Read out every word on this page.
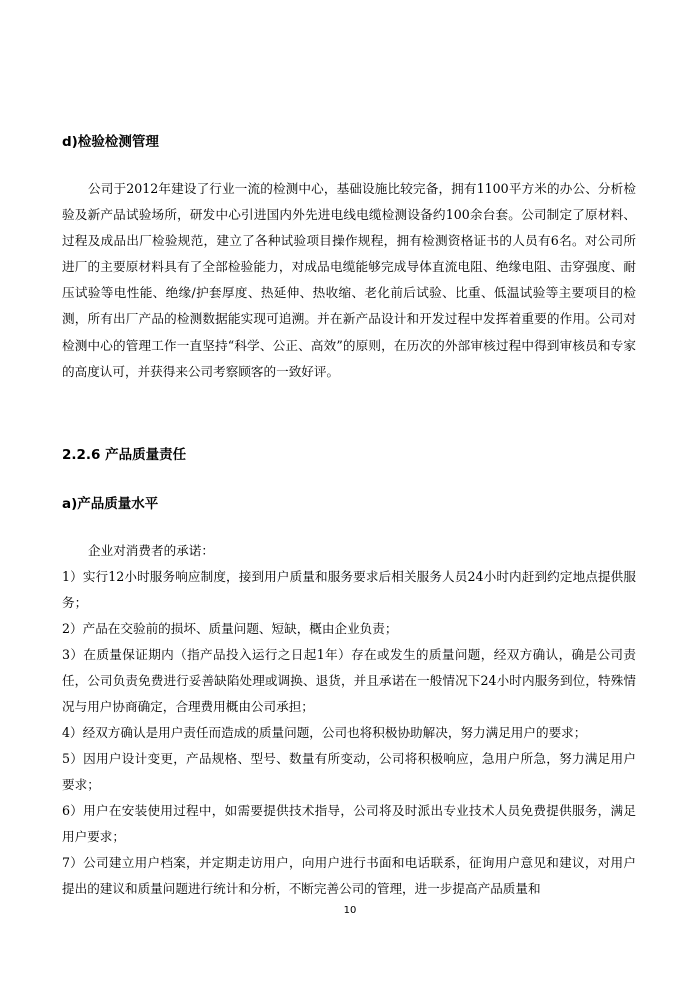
d)检验检测管理

公司于2012年建设了行业一流的检测中心，基础设施比较完备，拥有1100平方米的办公、分析检验及新产品试验场所，研发中心引进国内外先进电线电缆检测设备约100余台套。公司制定了原材料、过程及成品出厂检验规范，建立了各种试验项目操作规程，拥有检测资格证书的人员有6名。对公司所进厂的主要原材料具有了全部检验能力，对成品电缆能够完成导体直流电阻、绝缘电阻、击穿强度、耐压试验等电性能、绝缘/护套厚度、热延伸、热收缩、老化前后试验、比重、低温试验等主要项目的检测，所有出厂产品的检测数据能实现可追溯。并在新产品设计和开发过程中发挥着重要的作用。公司对检测中心的管理工作一直坚持“科学、公正、高效”的原则，在历次的外部审核过程中得到审核员和专家的高度认可，并获得来公司考察顾客的一致好评。

2.2.6 产品质量责任
a)产品质量水平

企业对消费者的承诺：

1）实行12小时服务响应制度，接到用户质量和服务要求后相关服务人员24小时内赶到约定地点提供服务；

2）产品在交验前的损坏、质量问题、短缺，概由企业负责；

3）在质量保证期内（指产品投入运行之日起1年）存在或发生的质量问题，经双方确认，确是公司责任，公司负责免费进行妥善缺陷处理或调换、退货，并且承诺在一般情况下24小时内服务到位，特殊情况与用户协商确定，合理费用概由公司承担；

4）经双方确认是用户责任而造成的质量问题，公司也将积极协助解决，努力满足用户的要求；

5）因用户设计变更，产品规格、型号、数量有所变动，公司将积极响应，急用户所急，努力满足用户要求；

6）用户在安装使用过程中，如需要提供技术指导，公司将及时派出专业技术人员免费提供服务，满足用户要求；

7）公司建立用户档案，并定期走访用户，向用户进行书面和电话联系，征询用户意见和建议，对用户提出的建议和质量问题进行统计和分析，不断完善公司的管理，进一步提高产品质量和

10
